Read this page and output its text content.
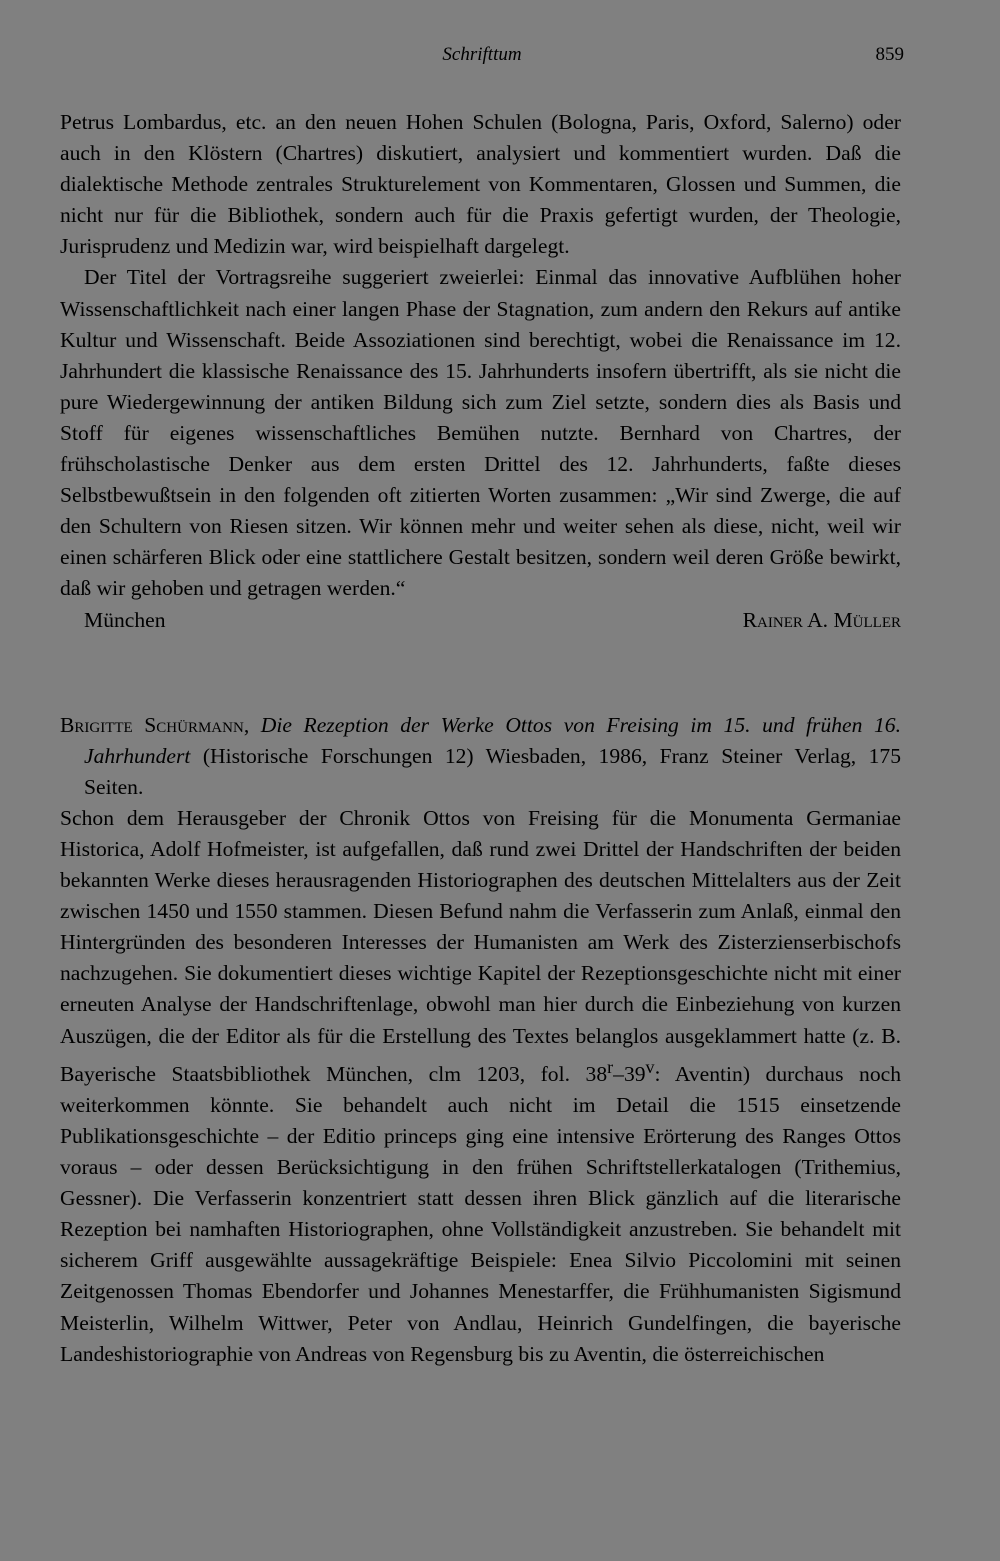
Schrifttum	859

Petrus Lombardus, etc. an den neuen Hohen Schulen (Bologna, Paris, Oxford, Salerno) oder auch in den Klöstern (Chartres) diskutiert, analysiert und kommentiert wurden. Daß die dialektische Methode zentrales Strukturelement von Kommentaren, Glossen und Summen, die nicht nur für die Bibliothek, sondern auch für die Praxis gefertigt wurden, der Theologie, Jurisprudenz und Medizin war, wird beispielhaft dargelegt.

Der Titel der Vortragsreihe suggeriert zweierlei: Einmal das innovative Aufblühen hoher Wissenschaftlichkeit nach einer langen Phase der Stagnation, zum andern den Rekurs auf antike Kultur und Wissenschaft. Beide Assoziationen sind berechtigt, wobei die Renaissance im 12. Jahrhundert die klassische Renaissance des 15. Jahrhunderts insofern übertrifft, als sie nicht die pure Wiedergewinnung der antiken Bildung sich zum Ziel setzte, sondern dies als Basis und Stoff für eigenes wissenschaftliches Bemühen nutzte. Bernhard von Chartres, der frühscholastische Denker aus dem ersten Drittel des 12. Jahrhunderts, faßte dieses Selbstbewußtsein in den folgenden oft zitierten Worten zusammen: „Wir sind Zwerge, die auf den Schultern von Riesen sitzen. Wir können mehr und weiter sehen als diese, nicht, weil wir einen schärferen Blick oder eine stattlichere Gestalt besitzen, sondern weil deren Größe bewirkt, daß wir gehoben und getragen werden.“

München	Rainer A. Müller

Brigitte Schürmann, Die Rezeption der Werke Ottos von Freising im 15. und frühen 16. Jahrhundert (Historische Forschungen 12) Wiesbaden, 1986, Franz Steiner Verlag, 175 Seiten.

Schon dem Herausgeber der Chronik Ottos von Freising für die Monumenta Germaniae Historica, Adolf Hofmeister, ist aufgefallen, daß rund zwei Drittel der Handschriften der beiden bekannten Werke dieses herausragenden Historiographen des deutschen Mittelalters aus der Zeit zwischen 1450 und 1550 stammen. Diesen Befund nahm die Verfasserin zum Anlaß, einmal den Hintergründen des besonderen Interesses der Humanisten am Werk des Zisterzienserbischofs nachzugehen. Sie dokumentiert dieses wichtige Kapitel der Rezeptionsgeschichte nicht mit einer erneuten Analyse der Handschriftenlage, obwohl man hier durch die Einbeziehung von kurzen Auszügen, die der Editor als für die Erstellung des Textes belanglos ausgeklammert hatte (z. B. Bayerische Staatsbibliothek München, clm 1203, fol. 38$^r$–39$^v$: Aventin) durchaus noch weiterkommen könnte. Sie behandelt auch nicht im Detail die 1515 einsetzende Publikationsgeschichte – der Editio princeps ging eine intensive Erörterung des Ranges Ottos voraus – oder dessen Berücksichtigung in den frühen Schriftstellerkatalogen (Trithemius, Gessner). Die Verfasserin konzentriert statt dessen ihren Blick gänzlich auf die literarische Rezeption bei namhaften Historiographen, ohne Vollständigkeit anzustreben. Sie behandelt mit sicherem Griff ausgewählte aussagekräftige Beispiele: Enea Silvio Piccolomini mit seinen Zeitgenossen Thomas Ebendorfer und Johannes Menestarffer, die Frühhumanisten Sigismund Meisterlin, Wilhelm Wittwer, Peter von Andlau, Heinrich Gundelfingen, die bayerische Landeshistoriographie von Andreas von Regensburg bis zu Aventin, die österreichischen
